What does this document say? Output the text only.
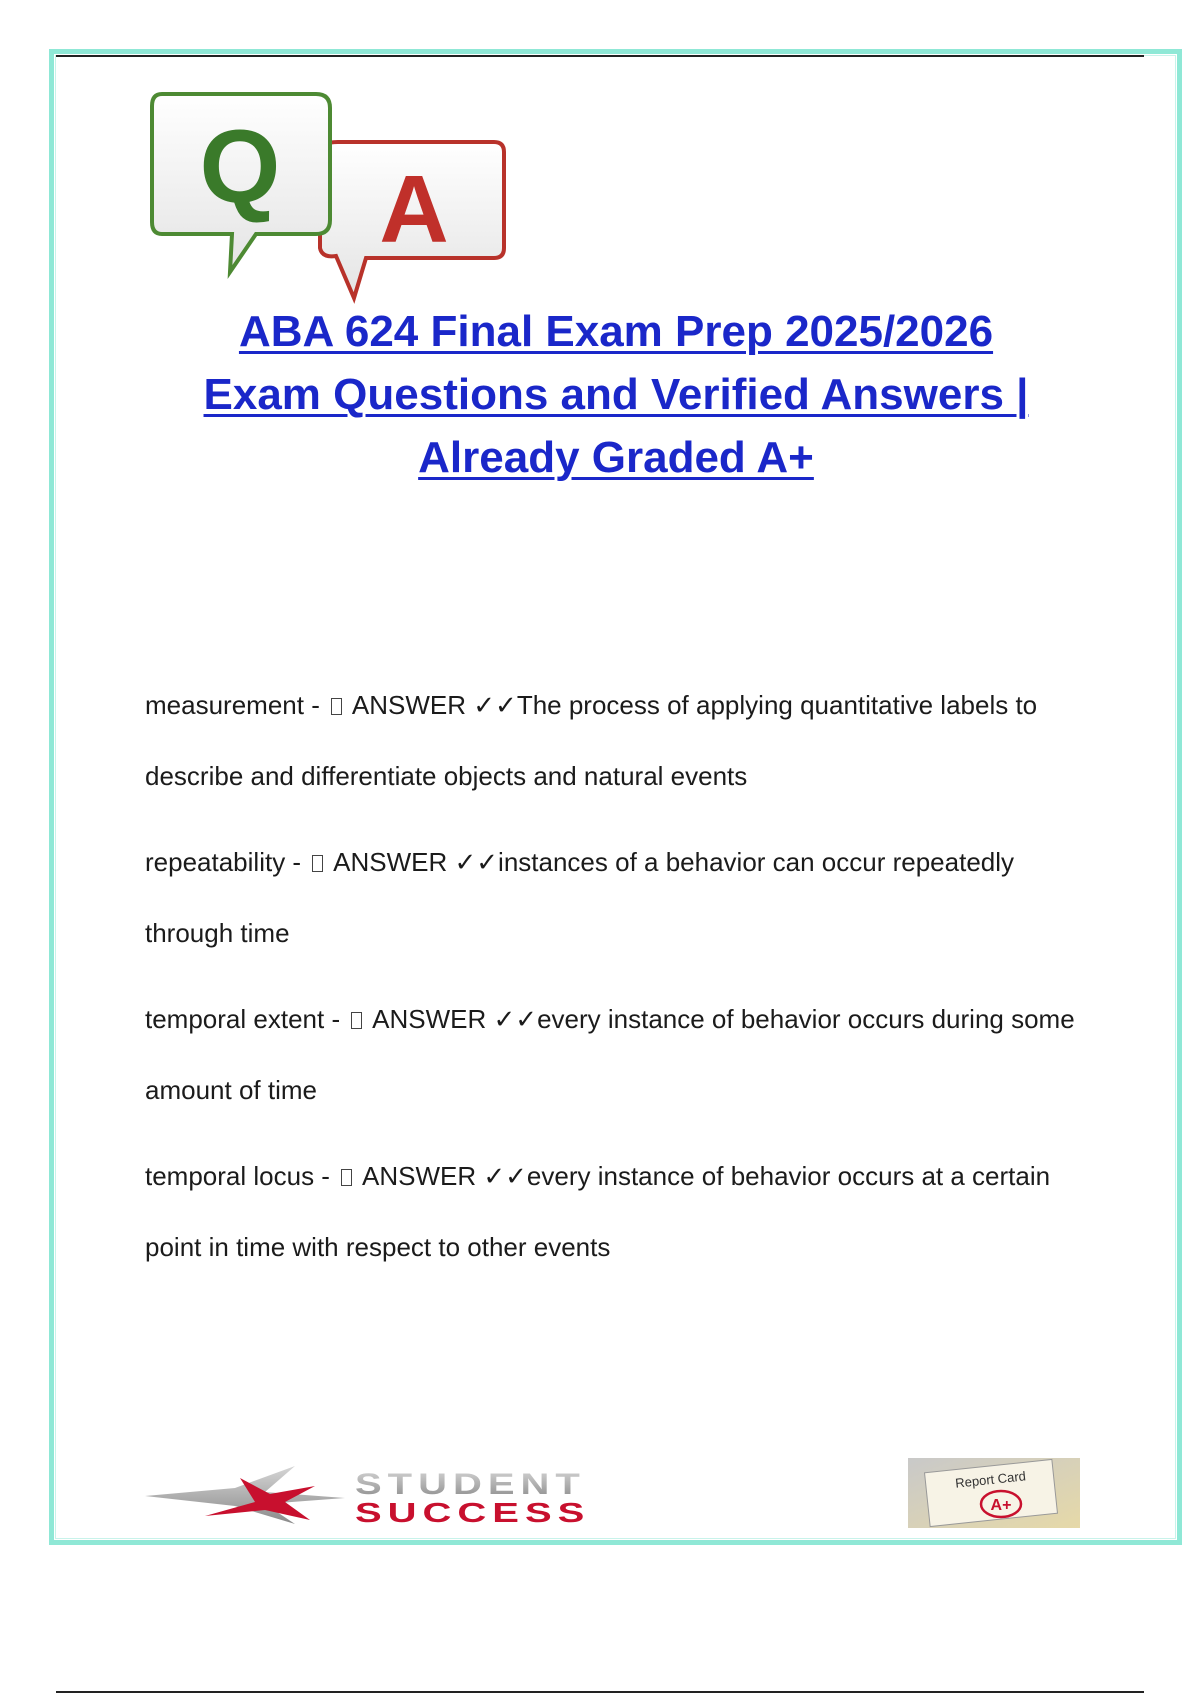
Q A
ABA 624 Final Exam Prep 2025/2026
Exam Questions and Verified Answers |
Already Graded A+
measurement -  ANSWER ✓✓The process of applying quantitative labels to describe and differentiate objects and natural events
repeatability -  ANSWER ✓✓instances of a behavior can occur repeatedly through time
temporal extent -  ANSWER ✓✓every instance of behavior occurs during some amount of time
temporal locus -  ANSWER ✓✓every instance of behavior occurs at a certain point in time with respect to other events
STUDENT
SUCCESS
Report Card
A+
